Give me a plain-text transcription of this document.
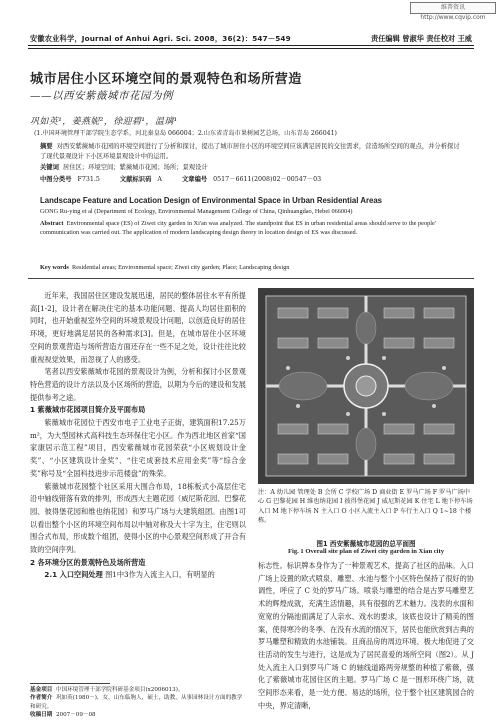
维普资讯 http://www.cqvip.com
安徽农业科学，Journal of Anhui Agri. Sci. 2008，36(2)：547－549	责任编辑 曾淑华 责任校对 王威
城市居住小区环境空间的景观特色和场所营造
——以西安紫薇城市花园为例
巩如英¹，姜燕妮²，徐迎碧¹，温璃¹
(1.中国环境管理干部学院生态学系，河北秦皇岛 066004；2.山东省青岛市果树园艺总场，山东青岛 266041)
摘要 对西安紫薇城市花园的环境空间进行了分析和探讨，提出了城市居住小区的环境空间应该满足居民的交往需求，营造场所空间的观点，并分析探讨了现代景观设计下小区环境景观设计中的运用。
关键词 居住区；环境空间；紫薇城市花园；场所；景观设计
中图分类号 F731.5	文献标识码 A	文章编号 0517－6611(2008)02－00547－03
Landscape Feature and Location Design of Environmental Space in Urban Residential Areas
GONG Ru-ying et al (Department of Ecology, Environmental Management College of China, Qinhuangdao, Hebei 066004)
Abstract Environmental space (ES) of Ziwei city garden in Xi'an was analyzed. The standpoint that ES in urban residential areas should serve to the people' communication was carried out. The application of modern landscaping design theory in location design of ES was discussed.
Key words Residential areas; Environmental space; Ziwei city garden; Place; Landscaping design

近年来，我国居住区建设发展迅速，居民的整体居住水平有所提高[1-2]，设计者在解决住宅的基本功能问题、提高人均居住面积的同时，也开始重视室外空间的环境景观设计问题，以创造良好的居住环境，更好地满足居民的各种需求[3]。但是，在城市居住小区环境空间的景观营造与场所营造方面还存在一些不足之处，设计往往比较重视视觉效果，而忽视了人的感受。

笔者以西安紫薇城市花园的景观设计为例，分析和探讨小区景观特色营造的设计方法以及小区场所的营造，以期为今后的建设和发展提供参考之途。

1 紫薇城市花园项目简介及平面布局

紫薇城市花园位于西安市电子工业电子正街，建筑面积17.25万m²，为大型园林式高科技生态环保住宅小区。作为西北地区首家“国家康居示范工程”项目，西安紫薇城市花园荣获“小区规划设计金奖”、“小区建筑设计金奖”、“住宅成套技术应用金奖”等“综合金奖”称号及“全国科技进步示范楼盘”的殊荣。

紫薇城市花园整个社区采用大围合布局，18栋板式小高层住宅沿中轴线错落有致的排列，形成西大主题花园（威尼斯花园、巴黎花园、彼得堡花园和维也纳花园）和罗马广场与大建筑组团。由图1可以看出整个小区的环境空间布局以中轴对称及大十字为主，住宅则以围合式布局，形成数个组团，使得小区的中心景观空间形成了开合有致的空间序列。

2 各环境分区的景观特色及场所营造

2.1 入口空间处理 图1中3作为入流主入口，有明显的

注：A 幼儿园 管理处 B 会所 C 学校广场 D 商业街 E 罗马广场 F 罗马广场中心 G 巴黎花园 H 维也纳花园 I 彼得堡花园 J 威尼斯花园 K 住宅 L 地下停车场入口 M 地下停车场 N 主入口 O 小区入流主入口 P 车行主入口 Q 1~18 个楼栋。
图1 西安紫薇城市花园的总平面图
Fig. 1 Overall site plan of Ziwei city garden in Xian city

标志性。标识牌本身作为了一种景观艺术，提高了社区的品味。入口广场上设置的欧式喷泉、雕塑、水池与整个小区特色保持了很好的协调性，呼应了 C 处的罗马广场。喷泉与雕塑的结合是古罗马雕塑艺术的辉煌成就，充满生活情趣，具有很强的艺术魅力。浅表的水面和宽宽的分隔池面满足了人亲水、戏水的要求，该底也设计了精美的图案，使得寒冷的冬季、在没有水流的情况下，居民也能欣赏到古典的罗马雕塑和精致的水池铺装。且商品房的周边环境、极大地促进了交往活动的发生与进行，这是成为了居民喜爱的场所空间（图2）。从 J 处入流主入口到罗马广场 C 的轴线道路两旁规整的种植了紫薇，强化了紫薇城市花园住区的主题。罗马广场 C 是一围形环绕广场，就空间形态来看，是一处方便、易达的场所，位于整个社区建筑园合的中央，界定清晰，

基金项目 中国环境管理干部学院科研基金项目(x2006013)。
作者简介 巩如英(1980－)，女，山东临朐人，硕士，助教，从事园林设计方面的教学和研究。
收稿日期 2007－09－08
